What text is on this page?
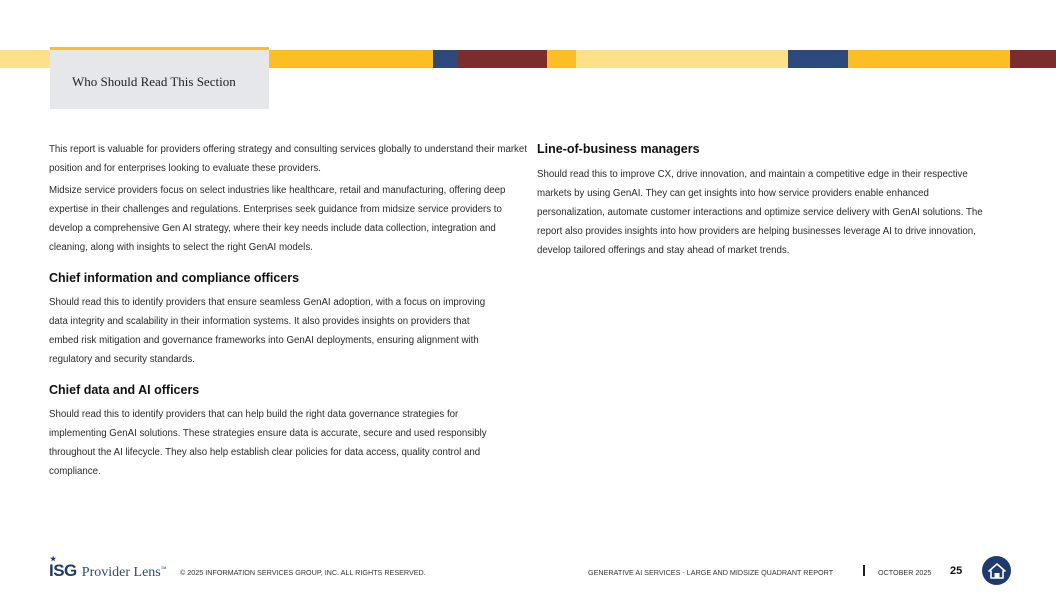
Who Should Read This Section

This report is valuable for providers offering strategy and consulting services globally to understand their market position and for enterprises looking to evaluate these providers.

Midsize service providers focus on select industries like healthcare, retail and manufacturing, offering deep expertise in their challenges and regulations. Enterprises seek guidance from midsize service providers to develop a comprehensive Gen AI strategy, where their key needs include data collection, integration and cleaning, along with insights to select the right GenAI models.

Chief information and compliance officers

Should read this to identify providers that ensure seamless GenAI adoption, with a focus on improving data integrity and scalability in their information systems. It also provides insights on providers that embed risk mitigation and governance frameworks into GenAI deployments, ensuring alignment with regulatory and security standards.

Chief data and AI officers

Should read this to identify providers that can help build the right data governance strategies for implementing GenAI solutions. These strategies ensure data is accurate, secure and used responsibly throughout the AI lifecycle. They also help establish clear policies for data access, quality control and compliance.

Line-of-business managers

Should read this to improve CX, drive innovation, and maintain a competitive edge in their respective markets by using GenAI. They can get insights into how service providers enable enhanced personalization, automate customer interactions and optimize service delivery with GenAI solutions. The report also provides insights into how providers are helping businesses leverage AI to drive innovation, develop tailored offerings and stay ahead of market trends.

★
ISG Provider Lens™ © 2025 INFORMATION SERVICES GROUP, INC. ALL RIGHTS RESERVED.	GENERATIVE AI SERVICES - LARGE AND MIDSIZE QUADRANT REPORT	OCTOBER 2025 25
